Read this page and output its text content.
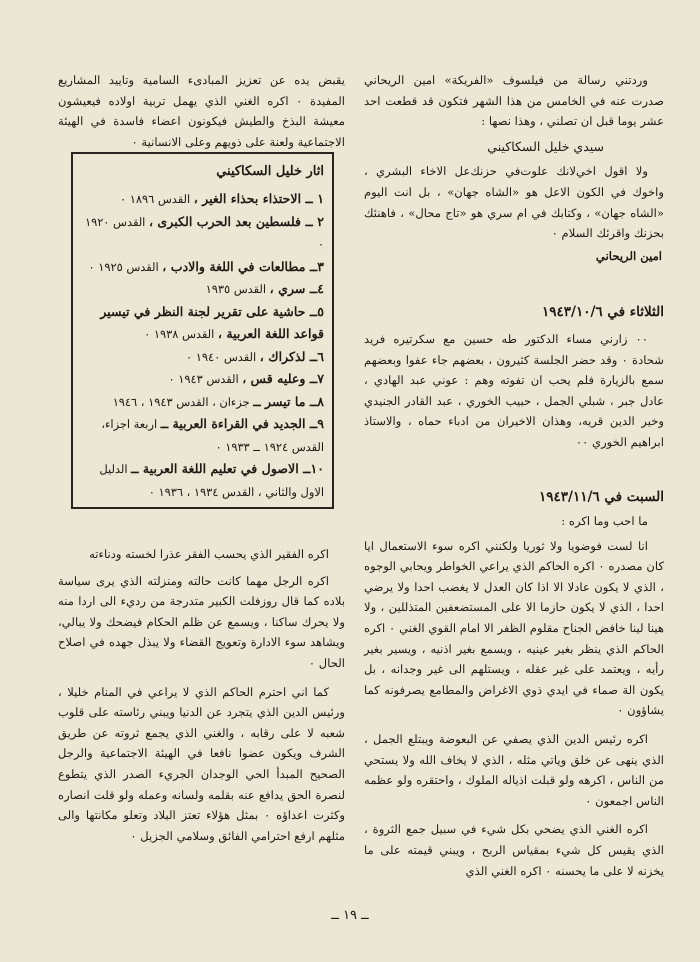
وردتني رسالة من فيلسوف «الفريكة» امين الريحاني صدرت عنه في الخامس من هذا الشهر فتكون قد قطعت احد عشر يوما قبل ان تصلني ، وهذا نصها :

سيدي خليل السكاكيني

ولا اقول اخي‌لانك علوت‌في حزنك‌عل الاخاء البشري ، واخوك في الكون الاعل هو «الشاه جهان» ، بل انت اليوم «الشاه جهان» ، وكتابك في ام سري هو «تاج محال» ، فاهنئك بحزنك واقرئك السلام ٠

امين الريحاني

الثلاثاء في ١٩٤٣/١٠/٦

٠٠ زارني مساء الدكتور طه حسين مع سكرتيره فريد شحادة ٠ وقد حضر الجلسة كثيرون ، بعضهم جاء عفوا وبعضهم سمع بالزيارة فلم يحب ان تفوته وهم : عوني عبد الهادي ، عادل جبر ، شبلي الجمل ، حبيب الخوري ، عبد القادر الجنيدي وخير الدين قريه، وهذان الاخيران من ادباء حماه ، والاستاذ ابراهيم الخوري ٠٠

السبت في ١٩٤٣/١١/٦

ما احب وما اكره :

انا لست فوضويا ولا ثوريا ولكنني اكره سوء الاستعمال ايا كان مصدره ٠ اكره الحاكم الذي يراعي الخواطر ويحابي الوجوه ، الذي لا يكون عادلا الا اذا كان العدل لا يغضب احدا ولا يرضي احدا ، الذي لا يكون حازما الا على المستضعفين المتذللين ، ولا هينا لينا خافض الجناح مقلوم الظفر الا امام القوي الغني ٠ اكره الحاكم الذي ينظر بغير عينيه ، ويسمع بغير اذنيه ، ويسير بغير رأيه ، ويعتمد على غير عقله ، ويستلهم الى غير وجدانه ، بل يكون الة صماء في ايدي ذوي الاغراض والمطامع يصرفونه كما يشاؤون ٠

اكره رئيس الدين الذي يصفي عن البعوضة ويبتلع الجمل ، الذي ينهى عن خلق وياتي مثله ، الذي لا يخاف الله ولا يستحي من الناس ، اكرهه ولو قبلت اذياله الملوك ، واحتقره ولو عظمه الناس اجمعون ٠

اكره الغني الذي يضحي بكل شيء في سبيل جمع الثروة ، الذي يقيس كل شيء بمقياس الربح ، ويبني قيمته على ما يخزنه لا على ما يحسنه ٠ اكره الغني الذي

يقبض يده عن تعزيز المبادىء السامية وتاييد المشاريع المفيدة ٠ اكره الغني الذي يهمل تربية اولاده فيعيشون معيشة البذخ والطيش فيكونون اعضاء فاسدة في الهيئة الاجتماعية ولعنة على ذويهم وعلى الانسانية ٠

اثار خليل السكاكيني

١ ــ الاحتذاء بحذاء الغير ، القدس ١٨٩٦ ٠

٢ ــ فلسطين بعد الحرب الكبرى ، القدس ١٩٢٠ ٠

٣ــ مطالعات في اللغة والادب ، القدس ١٩٢٥ ٠

٤ــ سري ، القدس ١٩٣٥

٥ــ حاشية على تقرير لجنة النظر في تيسير قواعد اللغة العربية ، القدس ١٩٣٨ ٠

٦ــ لذكراك ، القدس ١٩٤٠ ٠

٧ــ وعليه قس ، القدس ١٩٤٣ ٠

٨ــ ما تيسر ــ جزءان ، القدس ١٩٤٣ ، ١٩٤٦

٩ــ الجديد في القراءة العربية ــ اربعة اجزاء، القدس ١٩٢٤ ــ ١٩٣٣ ٠

١٠ــ الاصول في تعليم اللغة العربية ــ الدليل الاول والثاني ، القدس ١٩٣٤ ، ١٩٣٦ ٠

اكره الفقير الذي يحسب الفقر عذرا لخسته ودناءته

اكره الرجل مهما كانت حالته ومنزلته الذي يرى سياسة بلاده كما قال روزفلت الكبير متدرجة من رديء الى اردا منه ولا يحرك ساكنا ، ويسمع عن ظلم الحكام فيضحك ولا يبالي، ويشاهد سوء الادارة وتعويج القضاء ولا يبذل جهده في اصلاح الحال ٠

كما اني احترم الحاكم الذي لا يراعي في المنام خليلا ، ورئيس الدين الذي يتجرد عن الدنيا ويبني رئاسته على قلوب شعبه لا على رقابه ، والغني الذي يجمع ثروته عن طريق الشرف ويكون عضوا نافعا في الهيئة الاجتماعية والرجل الصحيح المبدأ الحي الوجدان الجريء الصدر الذي يتطوع لنصرة الحق يدافع عنه بقلمه ولسانه وعمله ولو قلت انصاره وكثرت اعداؤه ٠ بمثل هؤلاء تعتز البلاد وتعلو مكانتها والى مثلهم ارفع احترامي الفائق وسلامي الجزيل ٠

ــ ١٩ ــ
